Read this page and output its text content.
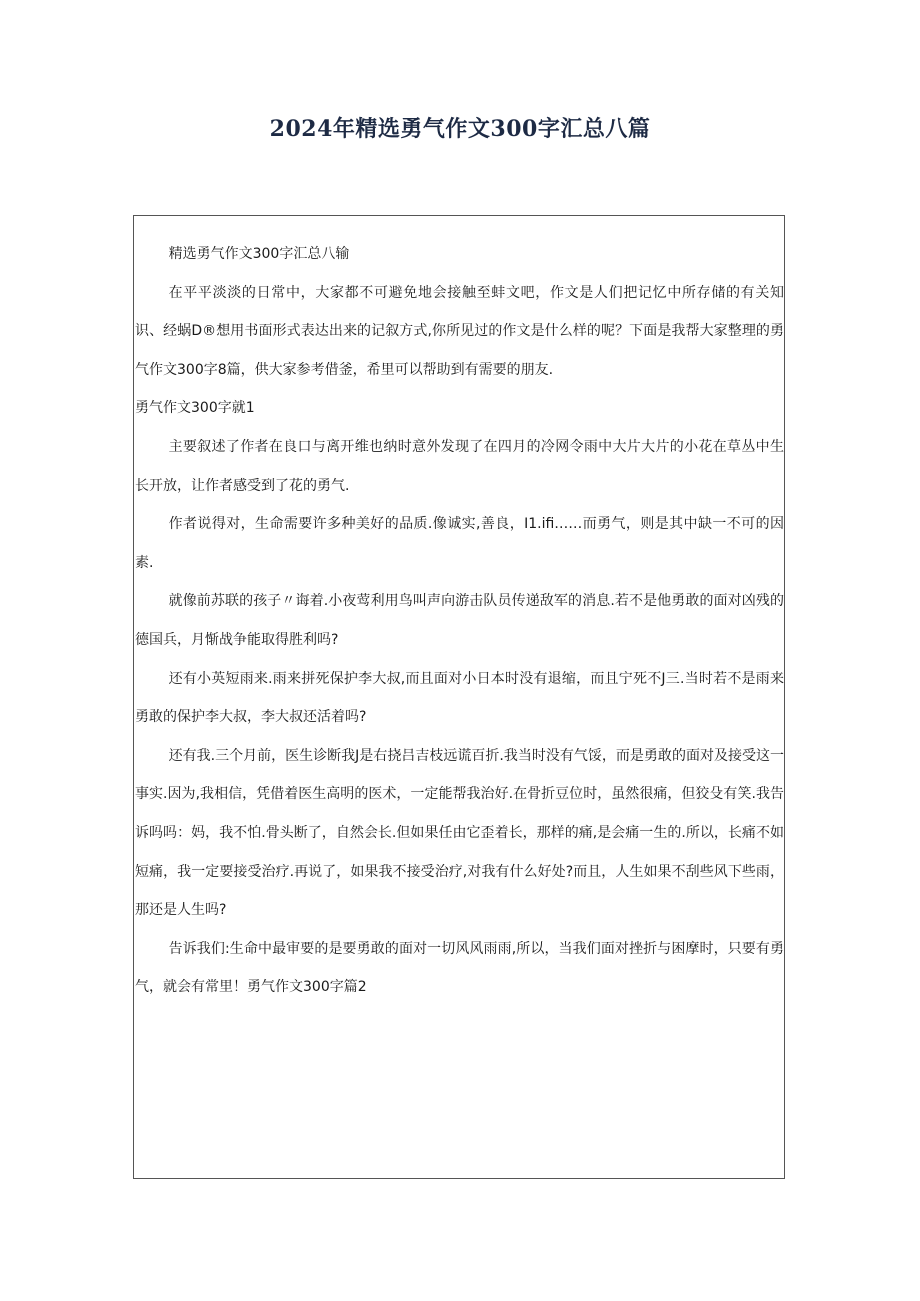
2024年精选勇气作文300字汇总八篇

精选勇气作文300字汇总八输

在平平淡淡的日常中，大家都不可避免地会接触至蚌文吧，作文是人们把记忆中所存储的有关知识、经蜗D®想用书面形式表达出来的记叙方式,你所见过的作文是什么样的呢？下面是我帮大家整理的勇气作文300字8篇，供大家参考借釜，希里可以帮助到有需要的朋友.

勇气作文300字就1

主要叙述了作者在良口与离开维也纳时意外发现了在四月的冷网令雨中大片大片的小花在草丛中生长开放，让作者感受到了花的勇气.

作者说得对，生命需要许多种美好的品质.像诚实,善良，I1.ifi……而勇气，则是其中缺一不可的因素.

就像前苏联的孩子〃诲着.小夜莺利用鸟叫声向游击队员传递敌军的消息.若不是他勇敢的面对凶残的德国兵，月惭战争能取得胜利吗?

还有小英短雨来.雨来拼死保护李大叔,而且面对小日本时没有退缩，而且宁死不J三.当时若不是雨来勇敢的保护李大叔，李大叔还活着吗?

还有我.三个月前，医生诊断我J是右挠吕吉枝远谎百折.我当时没有气馁，而是勇敢的面对及接受这一事实.因为,我相信，凭借着医生高明的医术，一定能帮我治好.在骨折豆位时，虽然很痛，但狡殳有笑.我告诉吗吗：妈，我不怕.骨头断了，自然会长.但如果任由它歪着长，那样的痛,是会痛一生的.所以，长痛不如短痛，我一定要接受治疗.再说了，如果我不接受治疗,对我有什么好处?而且，人生如果不刮些风下些雨，那还是人生吗?

告诉我们:生命中最审要的是要勇敢的面对一切风风雨雨,所以，当我们面对挫折与困摩时，只要有勇气，就会有常里！勇气作文300字篇2
